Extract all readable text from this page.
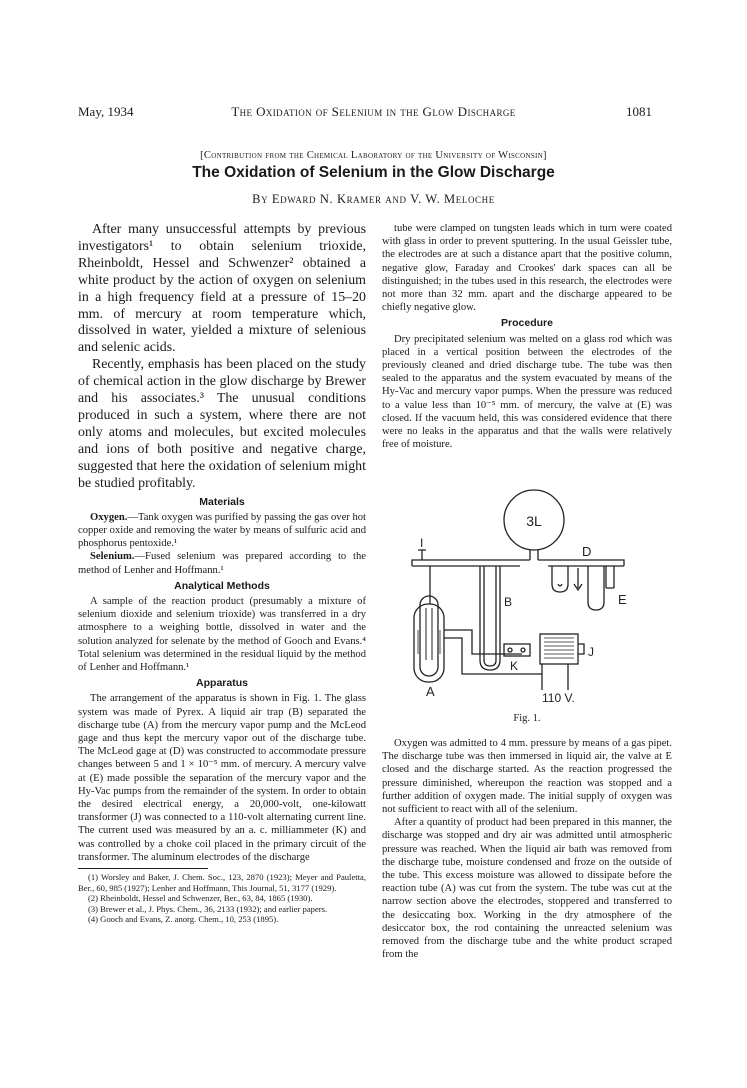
May, 1934	The Oxidation of Selenium in the Glow Discharge	1081
[Contribution from the Chemical Laboratory of the University of Wisconsin]
The Oxidation of Selenium in the Glow Discharge
By Edward N. Kramer and V. W. Meloche

After many unsuccessful attempts by previous investigators¹ to obtain selenium trioxide, Rheinboldt, Hessel and Schwenzer² obtained a white product by the action of oxygen on selenium in a high frequency field at a pressure of 15–20 mm. of mercury at room temperature which, dissolved in water, yielded a mixture of selenious and selenic acids.

Recently, emphasis has been placed on the study of chemical action in the glow discharge by Brewer and his associates.³ The unusual conditions produced in such a system, where there are not only atoms and molecules, but excited molecules and ions of both positive and negative charge, suggested that here the oxidation of selenium might be studied profitably.

Materials

Oxygen.—Tank oxygen was purified by passing the gas over hot copper oxide and removing the water by means of sulfuric acid and phosphorus pentoxide.¹

Selenium.—Fused selenium was prepared according to the method of Lenher and Hoffmann.¹

Analytical Methods

A sample of the reaction product (presumably a mixture of selenium dioxide and selenium trioxide) was transferred in a dry atmosphere to a weighing bottle, dissolved in water and the solution analyzed for selenate by the method of Gooch and Evans.⁴ Total selenium was determined in the residual liquid by the method of Lenher and Hoffmann.¹

Apparatus

The arrangement of the apparatus is shown in Fig. 1. The glass system was made of Pyrex. A liquid air trap (B) separated the discharge tube (A) from the mercury vapor pump and the McLeod gage and thus kept the mercury vapor out of the discharge tube. The McLeod gage at (D) was constructed to accommodate pressure changes between 5 and 1 × 10⁻⁵ mm. of mercury. A mercury valve at (E) made possible the separation of the mercury vapor and the Hy-Vac pumps from the remainder of the system. In order to obtain the desired electrical energy, a 20,000-volt, one-kilowatt transformer (J) was connected to a 110-volt alternating current line. The current used was measured by an a. c. milliammeter (K) and was controlled by a choke coil placed in the primary circuit of the transformer. The aluminum electrodes of the discharge

(1) Worsley and Baker, J. Chem. Soc., 123, 2870 (1923); Meyer and Pauletta, Ber., 60, 985 (1927); Lenher and Hoffmann, This Journal, 51, 3177 (1929).

(2) Rheinboldt, Hessel and Schwenzer, Ber., 63, 84, 1865 (1930).

(3) Brewer et al., J. Phys. Chem., 36, 2133 (1932); and earlier papers.

(4) Gooch and Evans, Z. anorg. Chem., 10, 253 (1895).

tube were clamped on tungsten leads which in turn were coated with glass in order to prevent sputtering. In the usual Geissler tube, the electrodes are at such a distance apart that the positive column, negative glow, Faraday and Crookes' dark spaces can all be distinguished; in the tubes used in this research, the electrodes were not more than 32 mm. apart and the discharge appeared to be chiefly negative glow.

Procedure

Dry precipitated selenium was melted on a glass rod which was placed in a vertical position between the electrodes of the previously cleaned and dried discharge tube. The tube was then sealed to the apparatus and the system evacuated by means of the Hy-Vac and mercury vapor pumps. When the pressure was reduced to a value less than 10⁻⁵ mm. of mercury, the valve at (E) was closed. If the vacuum held, this was considered evidence that there were no leaks in the apparatus and that the walls were relatively free of moisture.

3L
I
D
B	E
J
K
A	110 V.
Fig. 1.

Oxygen was admitted to 4 mm. pressure by means of a gas pipet. The discharge tube was then immersed in liquid air, the valve at E closed and the discharge started. As the reaction progressed the pressure diminished, whereupon the reaction was stopped and a further addition of oxygen made. The initial supply of oxygen was not sufficient to react with all of the selenium.

After a quantity of product had been prepared in this manner, the discharge was stopped and dry air was admitted until atmospheric pressure was reached. When the liquid air bath was removed from the discharge tube, moisture condensed and froze on the outside of the tube. This excess moisture was allowed to dissipate before the reaction tube (A) was cut from the system. The tube was cut at the narrow section above the electrodes, stoppered and transferred to the desiccating box. Working in the dry atmosphere of the desiccator box, the rod containing the unreacted selenium was removed from the discharge tube and the white product scraped from the
